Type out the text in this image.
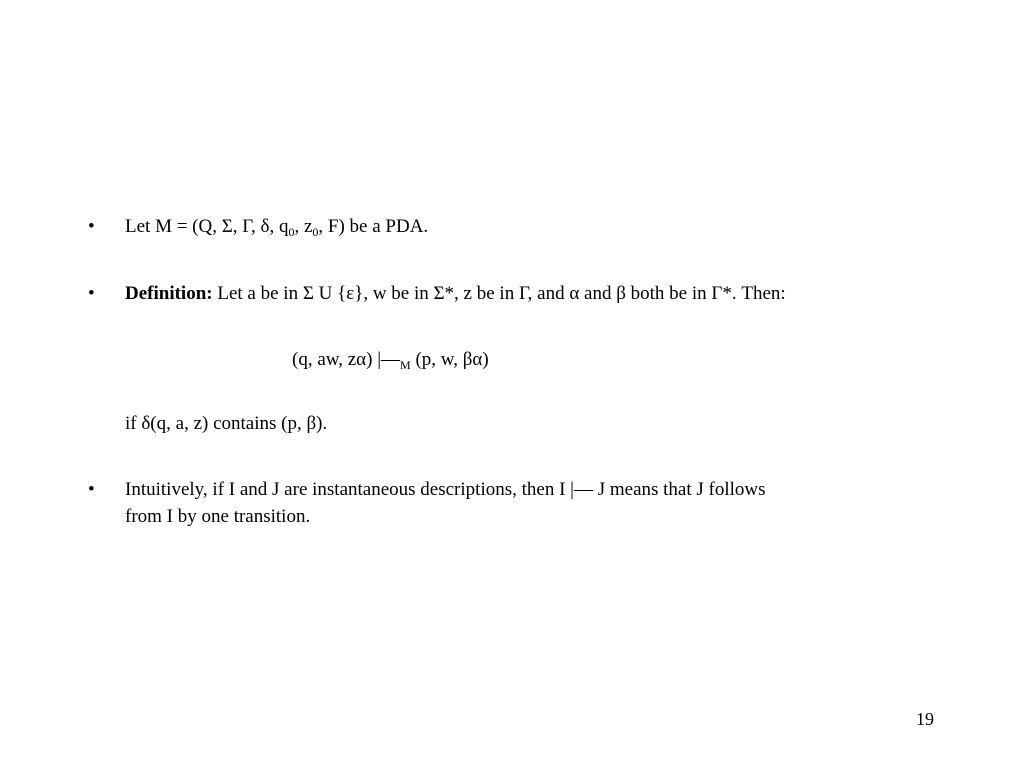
• Let M = (Q, Σ, Γ, δ, $q_0$, $z_0$, F) be a PDA.
• Definition: Let a be in Σ U {ε}, w be in Σ*, z be in Γ, and α and β both be in Γ*. Then:
(q, aw, zα) $|—_M$ (p, w, βα)
if δ(q, a, z) contains (p, β).
• Intuitively, if I and J are instantaneous descriptions, then I |— J means that J follows
from I by one transition.
19
